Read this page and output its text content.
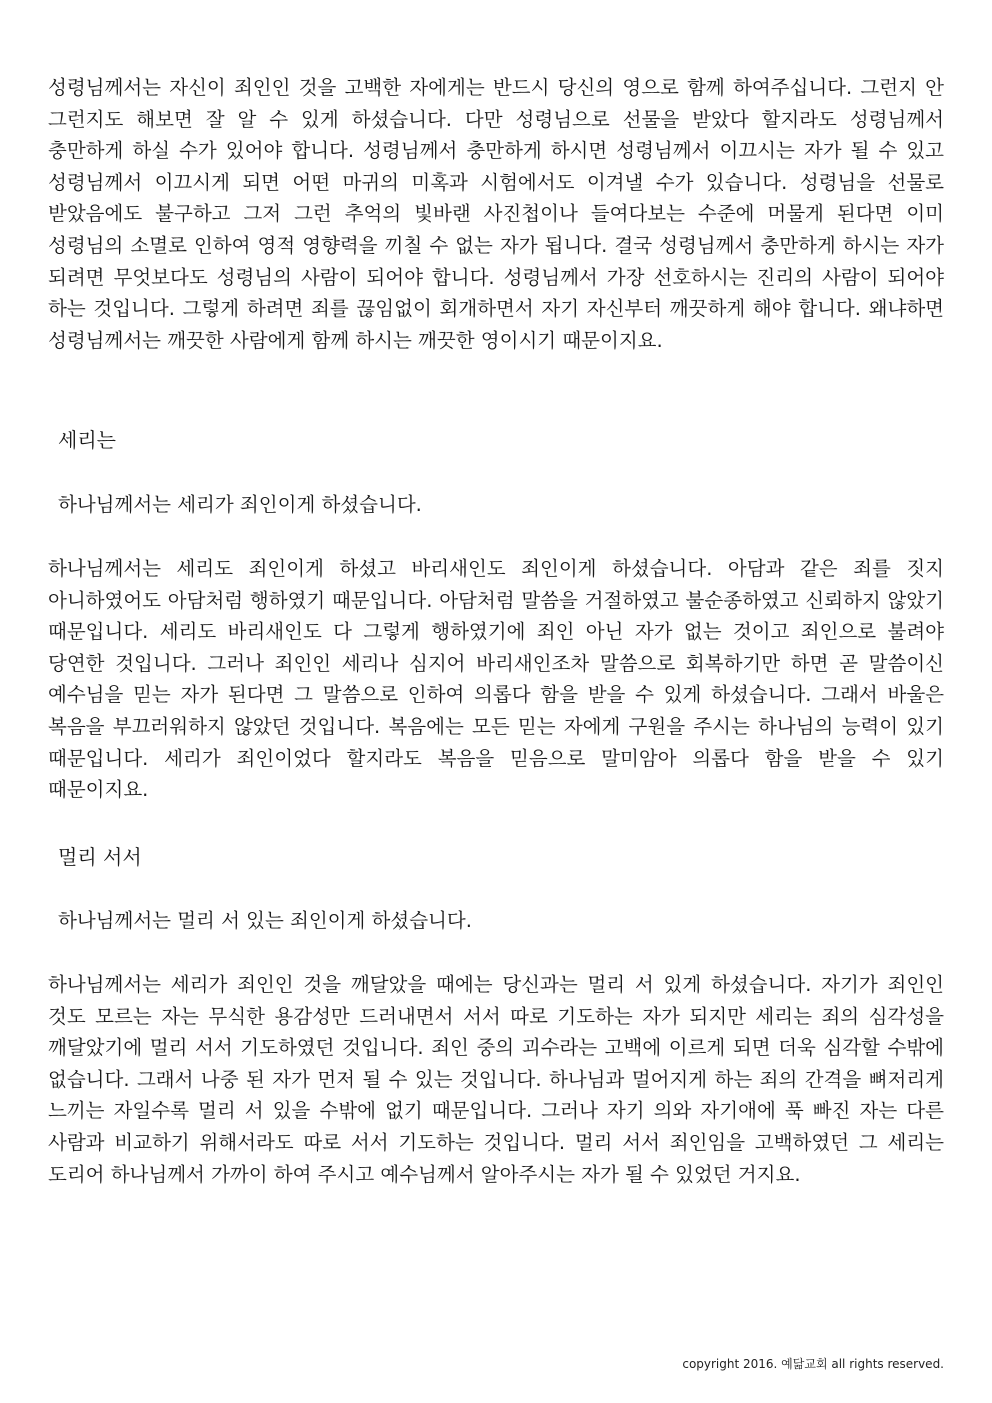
성령님께서는 자신이 죄인인 것을 고백한 자에게는 반드시 당신의 영으로 함께 하여주십니다. 그런지 안 그런지도 해보면 잘 알 수 있게 하셨습니다. 다만 성령님으로 선물을 받았다 할지라도 성령님께서 충만하게 하실 수가 있어야 합니다. 성령님께서 충만하게 하시면 성령님께서 이끄시는 자가 될 수 있고 성령님께서 이끄시게 되면 어떤 마귀의 미혹과 시험에서도 이겨낼 수가 있습니다. 성령님을 선물로 받았음에도 불구하고 그저 그런 추억의 빛바랜 사진첩이나 들여다보는 수준에 머물게 된다면 이미 성령님의 소멸로 인하여 영적 영향력을 끼칠 수 없는 자가 됩니다. 결국 성령님께서 충만하게 하시는 자가 되려면 무엇보다도 성령님의 사람이 되어야 합니다. 성령님께서 가장 선호하시는 진리의 사람이 되어야 하는 것입니다. 그렇게 하려면 죄를 끊임없이 회개하면서 자기 자신부터 깨끗하게 해야 합니다. 왜냐하면 성령님께서는 깨끗한 사람에게 함께 하시는 깨끗한 영이시기 때문이지요.

세리는

하나님께서는 세리가 죄인이게 하셨습니다.

하나님께서는 세리도 죄인이게 하셨고 바리새인도 죄인이게 하셨습니다. 아담과 같은 죄를 짓지 아니하였어도 아담처럼 행하였기 때문입니다. 아담처럼 말씀을 거절하였고 불순종하였고 신뢰하지 않았기 때문입니다. 세리도 바리새인도 다 그렇게 행하였기에 죄인 아닌 자가 없는 것이고 죄인으로 불려야 당연한 것입니다. 그러나 죄인인 세리나 심지어 바리새인조차 말씀으로 회복하기만 하면 곧 말씀이신 예수님을 믿는 자가 된다면 그 말씀으로 인하여 의롭다 함을 받을 수 있게 하셨습니다. 그래서 바울은 복음을 부끄러워하지 않았던 것입니다. 복음에는 모든 믿는 자에게 구원을 주시는 하나님의 능력이 있기 때문입니다. 세리가 죄인이었다 할지라도 복음을 믿음으로 말미암아 의롭다 함을 받을 수 있기 때문이지요.

멀리 서서

하나님께서는 멀리 서 있는 죄인이게 하셨습니다.

하나님께서는 세리가 죄인인 것을 깨달았을 때에는 당신과는 멀리 서 있게 하셨습니다. 자기가 죄인인 것도 모르는 자는 무식한 용감성만 드러내면서 서서 따로 기도하는 자가 되지만 세리는 죄의 심각성을 깨달았기에 멀리 서서 기도하였던 것입니다. 죄인 중의 괴수라는 고백에 이르게 되면 더욱 심각할 수밖에 없습니다. 그래서 나중 된 자가 먼저 될 수 있는 것입니다. 하나님과 멀어지게 하는 죄의 간격을 뼈저리게 느끼는 자일수록 멀리 서 있을 수밖에 없기 때문입니다. 그러나 자기 의와 자기애에 푹 빠진 자는 다른 사람과 비교하기 위해서라도 따로 서서 기도하는 것입니다. 멀리 서서 죄인임을 고백하였던 그 세리는 도리어 하나님께서 가까이 하여 주시고 예수님께서 알아주시는 자가 될 수 있었던 거지요.

copyright 2016. 예닮교회 all rights reserved.
